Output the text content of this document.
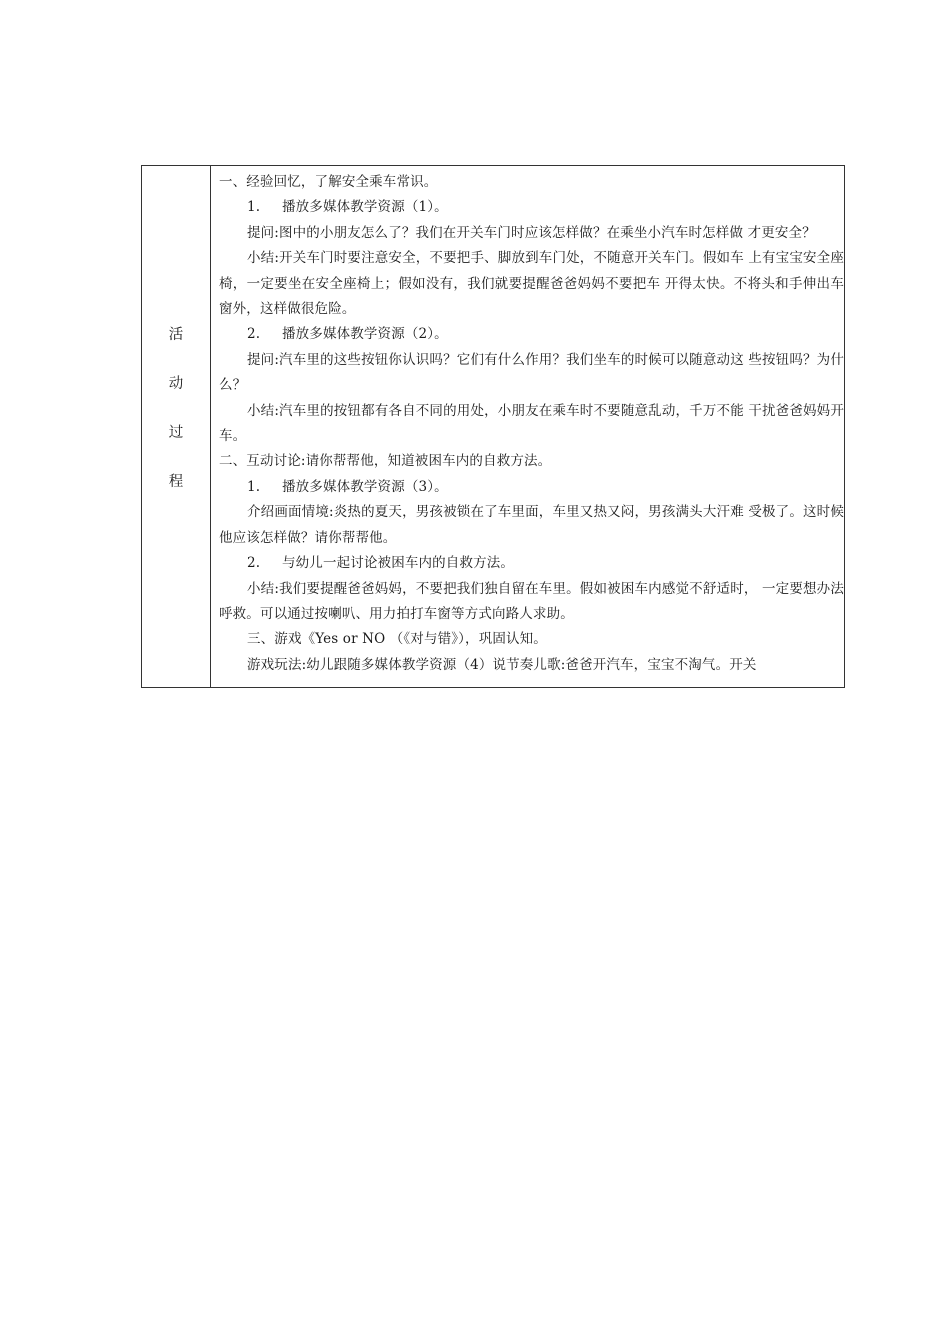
活
动
过
程

一、经验回忆，了解安全乘车常识。

1. 播放多媒体教学资源（1）。

提问:图中的小朋友怎么了？我们在开关车门时应该怎样做？在乘坐小汽车时怎样做 才更安全？

小结:开关车门时要注意安全，不要把手、脚放到车门处，不随意开关车门。假如车 上有宝宝安全座椅，一定要坐在安全座椅上；假如没有，我们就要提醒爸爸妈妈不要把车 开得太快。不将头和手伸出车窗外，这样做很危险。

2. 播放多媒体教学资源（2）。

提问:汽车里的这些按钮你认识吗？它们有什么作用？我们坐车的时候可以随意动这 些按钮吗？为什么？

小结:汽车里的按钮都有各自不同的用处，小朋友在乘车时不要随意乱动，千万不能 干扰爸爸妈妈开车。

二、互动讨论:请你帮帮他，知道被困车内的自救方法。

1. 播放多媒体教学资源（3）。

介绍画面情境:炎热的夏天，男孩被锁在了车里面，车里又热又闷，男孩满头大汗难 受极了。这时候他应该怎样做？请你帮帮他。

2. 与幼儿一起讨论被困车内的自救方法。

小结:我们要提醒爸爸妈妈，不要把我们独自留在车里。假如被困车内感觉不舒适时， 一定要想办法呼救。可以通过按喇叭、用力拍打车窗等方式向路人求助。

三、游戏《Yes or NO （《对与错》），巩固认知。

游戏玩法:幼儿跟随多媒体教学资源（4）说节奏儿歌:爸爸开汽车，宝宝不淘气。开关
